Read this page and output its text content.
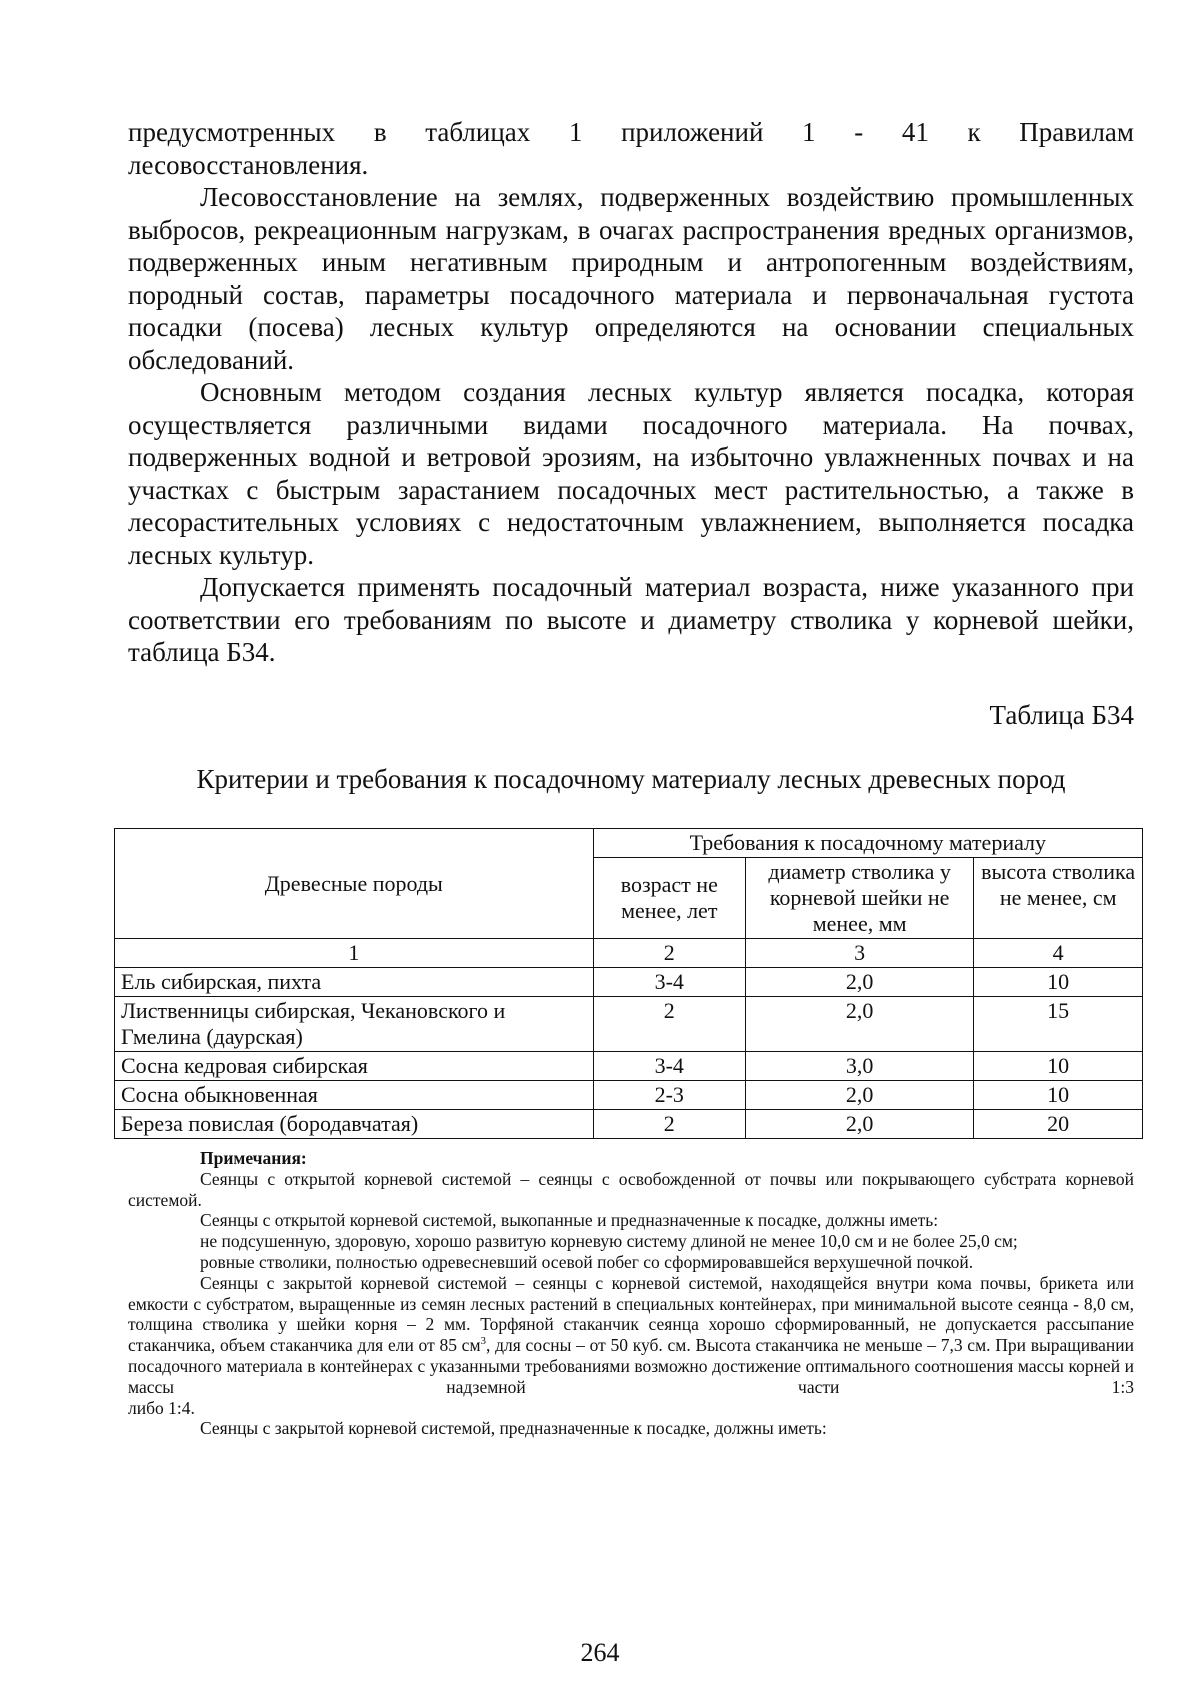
предусмотренных в таблицах 1 приложений 1 - 41 к Правилам

лесовосстановления.

Лесовосстановление на землях, подверженных воздействию промышленных выбросов, рекреационным нагрузкам, в очагах распространения вредных организмов, подверженных иным негативным природным и антропогенным воздействиям, породный состав, параметры посадочного материала и первоначальная густота посадки (посева) лесных культур определяются на основании специальных обследований.

Основным методом создания лесных культур является посадка, которая осуществляется различными видами посадочного материала. На почвах, подверженных водной и ветровой эрозиям, на избыточно увлажненных почвах и на участках с быстрым зарастанием посадочных мест растительностью, а также в лесорастительных условиях с недостаточным увлажнением, выполняется посадка лесных культур.

Допускается применять посадочный материал возраста, ниже указанного при соответствии его требованиям по высоте и диаметру стволика у корневой шейки, таблица Б34.

Таблица Б34
Критерии и требования к посадочному материалу лесных древесных пород
Древесные породы	Требования к посадочному материалу		
	возраст не менее, лет	диаметр стволика у корневой шейки не менее, мм	высота стволика не менее, см
1	2	3	4
Ель сибирская, пихта	3-4	2,0	10
Лиственницы сибирская, Чекановского и Гмелина (даурская)	2	2,0	15
Сосна кедровая сибирская	3-4	3,0	10
Сосна обыкновенная	2-3	2,0	10
Береза повислая (бородавчатая)	2	2,0	20

Примечания:

Сеянцы с открытой корневой системой – сеянцы с освобожденной от почвы или покрывающего субстрата корневой системой.

Сеянцы с открытой корневой системой, выкопанные и предназначенные к посадке, должны иметь:

не подсушенную, здоровую, хорошо развитую корневую систему длиной не менее 10,0 см и не более 25,0 см;

ровные стволики, полностью одревесневший осевой побег со сформировавшейся верхушечной почкой.

Сеянцы с закрытой корневой системой – сеянцы с корневой системой, находящейся внутри кома почвы, брикета или емкости с субстратом, выращенные из семян лесных растений в специальных контейнерах, при минимальной высоте сеянца - 8,0 см, толщина стволика у шейки корня – 2 мм. Торфяной стаканчик сеянца хорошо сформированный, не допускается рассыпание стаканчика, объем стаканчика для ели от 85 $см^3$, для сосны – от 50 куб. см. Высота стаканчика не меньше – 7,3 см. При выращивании посадочного материала в контейнерах с указанными требованиями возможно достижение оптимального соотношения массы корней и массы надземной части 1:3

либо 1:4.

Сеянцы с закрытой корневой системой, предназначенные к посадке, должны иметь:

264
